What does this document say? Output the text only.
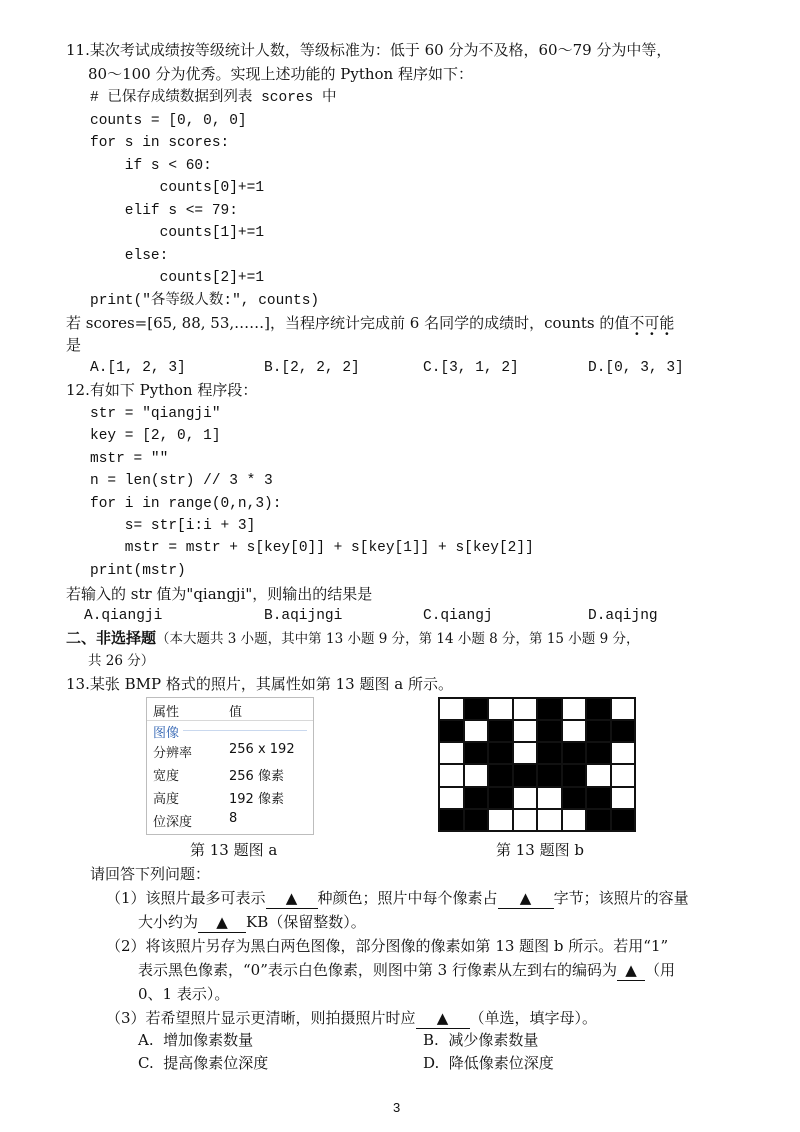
11.某次考试成绩按等级统计人数，等级标准为：低于 60 分为不及格，60～79 分为中等，
80～100 分为优秀。实现上述功能的 Python 程序如下：
# 已保存成绩数据到列表 scores 中
counts = [0, 0, 0]
for s in scores:
if s < 60:
counts[0]+=1
elif s <= 79:
counts[1]+=1
else:
counts[2]+=1
print("各等级人数:", counts)
若 scores=[65, 88, 53,……]，当程序统计完成前 6 名同学的成绩时，counts 的值不可能
是
A.[1, 2, 3]	B.[2, 2, 2]	C.[3, 1, 2]	D.[0, 3, 3]
12.有如下 Python 程序段：
str = "qiangji"
key = [2, 0, 1]
mstr = ""
n = len(str) // 3 * 3
for i in range(0,n,3):
s= str[i:i + 3]
mstr = mstr + s[key[0]] + s[key[1]] + s[key[2]]
print(mstr)
若输入的 str 值为"qiangji"，则输出的结果是
A.qiangji	B.aqijngi	C.qiangj	D.aqijng
二、非选择题（本大题共 3 小题，其中第 13 小题 9 分，第 14 小题 8 分，第 15 小题 9 分，
共 26 分）
13.某张 BMP 格式的照片，其属性如第 13 题图 a 所示。
属性	值
图像
分辨率	256 x 192
宽度	256 像素
高度	192 像素
位深度	8
第 13 题图 a	第 13 题图 b
请回答下列问题：
（1）该照片最多可表示 ▲ 种颜色；照片中每个像素占 ▲ 字节；该照片的容量
大小约为 ▲ KB（保留整数）。
（2）将该照片另存为黑白两色图像，部分图像的像素如第 13 题图 b 所示。若用“1”
表示黑色像素，“0”表示白色像素，则图中第 3 行像素从左到右的编码为 ▲ （用
0、1 表示）。
（3）若希望照片显示更清晰，则拍摄照片时应 ▲ （单选，填字母）。
A.  增加像素数量	B.  减少像素数量
C.  提高像素位深度	D.  降低像素位深度
3
